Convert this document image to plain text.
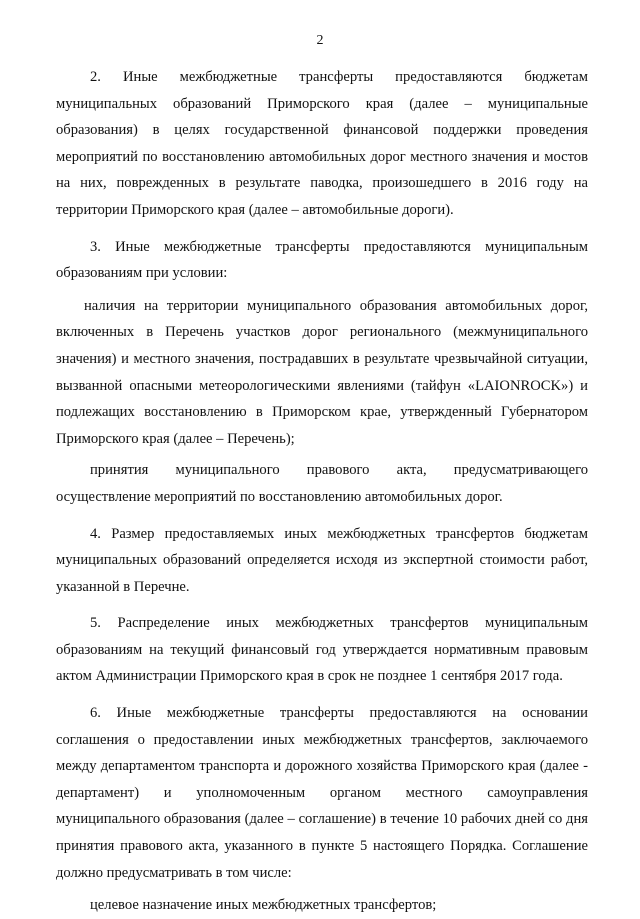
2

2. Иные межбюджетные трансферты предоставляются бюджетам муниципальных образований Приморского края (далее – муниципальные образования) в целях государственной финансовой поддержки проведения мероприятий по восстановлению автомобильных дорог местного значения и мостов на них, поврежденных в результате паводка, произошедшего в 2016 году на территории Приморского края (далее – автомобильные дороги).

3. Иные межбюджетные трансферты предоставляются муниципальным образованиям при условии:

наличия на территории муниципального образования автомобильных дорог, включенных в Перечень участков дорог регионального (межмуниципального значения) и местного значения, пострадавших в результате чрезвычайной ситуации, вызванной опасными метеорологическими явлениями (тайфун «LAIONROCK») и подлежащих восстановлению в Приморском крае, утвержденный Губернатором Приморского края (далее – Перечень);

принятия муниципального правового акта, предусматривающего осуществление мероприятий по восстановлению автомобильных дорог.

4. Размер предоставляемых иных межбюджетных трансфертов бюджетам муниципальных образований определяется исходя из экспертной стоимости работ, указанной в Перечне.

5. Распределение иных межбюджетных трансфертов муниципальным образованиям на текущий финансовый год утверждается нормативным правовым актом Администрации Приморского края в срок не позднее 1 сентября 2017 года.

6. Иные межбюджетные трансферты предоставляются на основании соглашения о предоставлении иных межбюджетных трансфертов, заключаемого между департаментом транспорта и дорожного хозяйства Приморского края (далее - департамент) и уполномоченным органом местного самоуправления муниципального образования (далее – соглашение) в течение 10 рабочих дней со дня принятия правового акта, указанного в пункте 5 настоящего Порядка. Соглашение должно предусматривать в том числе:

целевое назначение иных межбюджетных трансфертов;
